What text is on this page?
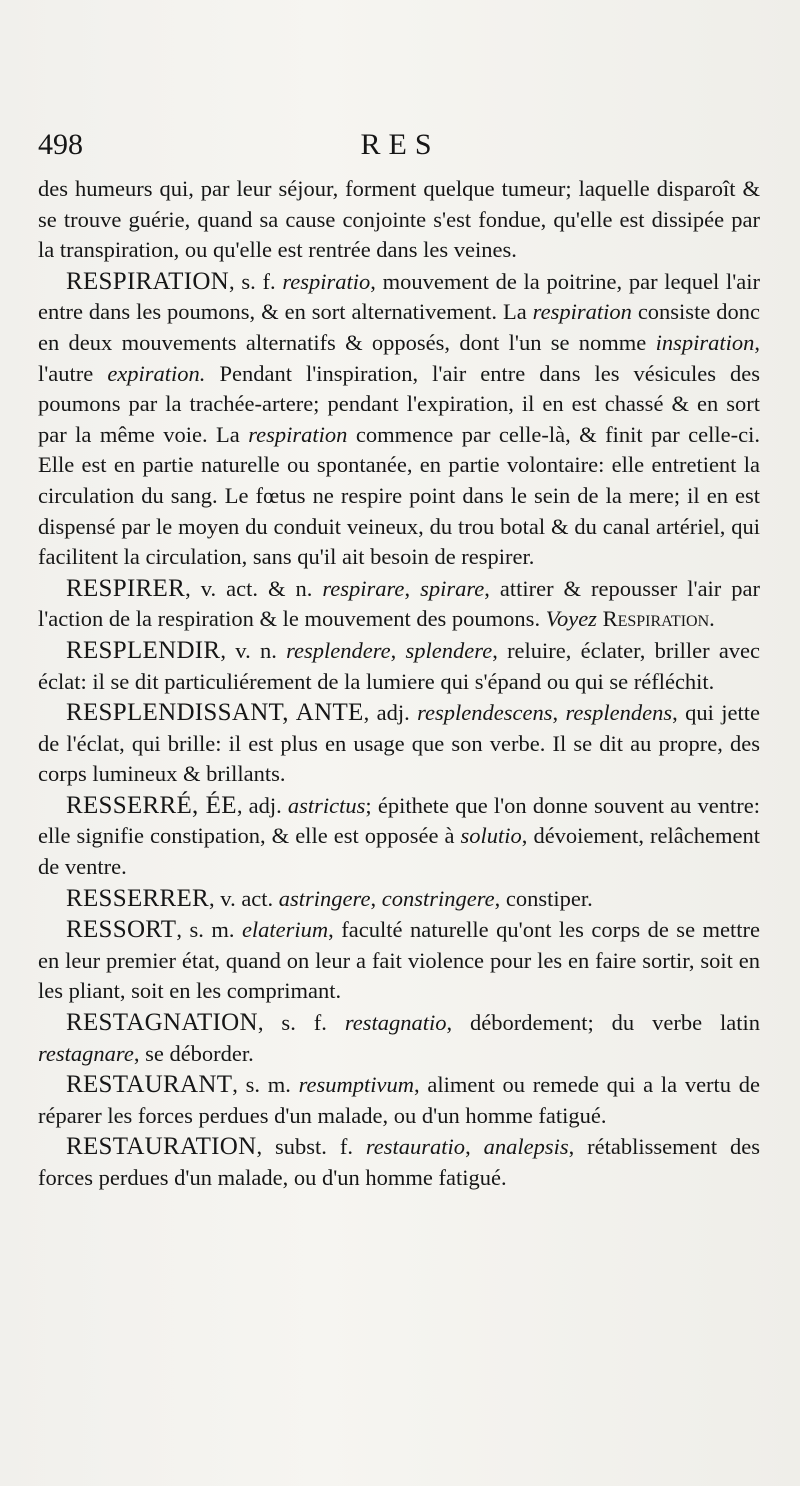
498	RES

des humeurs qui, par leur séjour, forment quelque tumeur; laquelle disparoît & se trouve guérie, quand sa cause conjointe s'est fondue, qu'elle est dissipée par la transpiration, ou qu'elle est rentrée dans les veines.

RESPIRATION, s. f. respiratio, mouvement de la poitrine, par lequel l'air entre dans les poumons, & en sort alternativement. La respiration consiste donc en deux mouvements alternatifs & opposés, dont l'un se nomme inspiration, l'autre expiration. Pendant l'inspiration, l'air entre dans les vésicules des poumons par la trachée-artere; pendant l'expiration, il en est chassé & en sort par la même voie. La respiration commence par celle-là, & finit par celle-ci. Elle est en partie naturelle ou spontanée, en partie volontaire: elle entretient la circulation du sang. Le fœtus ne respire point dans le sein de la mere; il en est dispensé par le moyen du conduit veineux, du trou botal & du canal artériel, qui facilitent la circulation, sans qu'il ait besoin de respirer.

RESPIRER, v. act. & n. respirare, spirare, attirer & repousser l'air par l'action de la respiration & le mouvement des poumons. Voyez Respiration.

RESPLENDIR, v. n. resplendere, splendere, reluire, éclater, briller avec éclat: il se dit particuliérement de la lumiere qui s'épand ou qui se réfléchit.

RESPLENDISSANT, ANTE, adj. resplendescens, resplendens, qui jette de l'éclat, qui brille: il est plus en usage que son verbe. Il se dit au propre, des corps lumineux & brillants.

RESSERRÉ, ÉE, adj. astrictus; épithete que l'on donne souvent au ventre: elle signifie constipation, & elle est opposée à solutio, dévoiement, relâchement de ventre.

RESSERRER, v. act. astringere, constringere, constiper.

RESSORT, s. m. elaterium, faculté naturelle qu'ont les corps de se mettre en leur premier état, quand on leur a fait violence pour les en faire sortir, soit en les pliant, soit en les comprimant.

RESTAGNATION, s. f. restagnatio, débordement; du verbe latin restagnare, se déborder.

RESTAURANT, s. m. resumptivum, aliment ou remede qui a la vertu de réparer les forces perdues d'un malade, ou d'un homme fatigué.

RESTAURATION, subst. f. restauratio, analepsis, rétablissement des forces perdues d'un malade, ou d'un homme fatigué.
